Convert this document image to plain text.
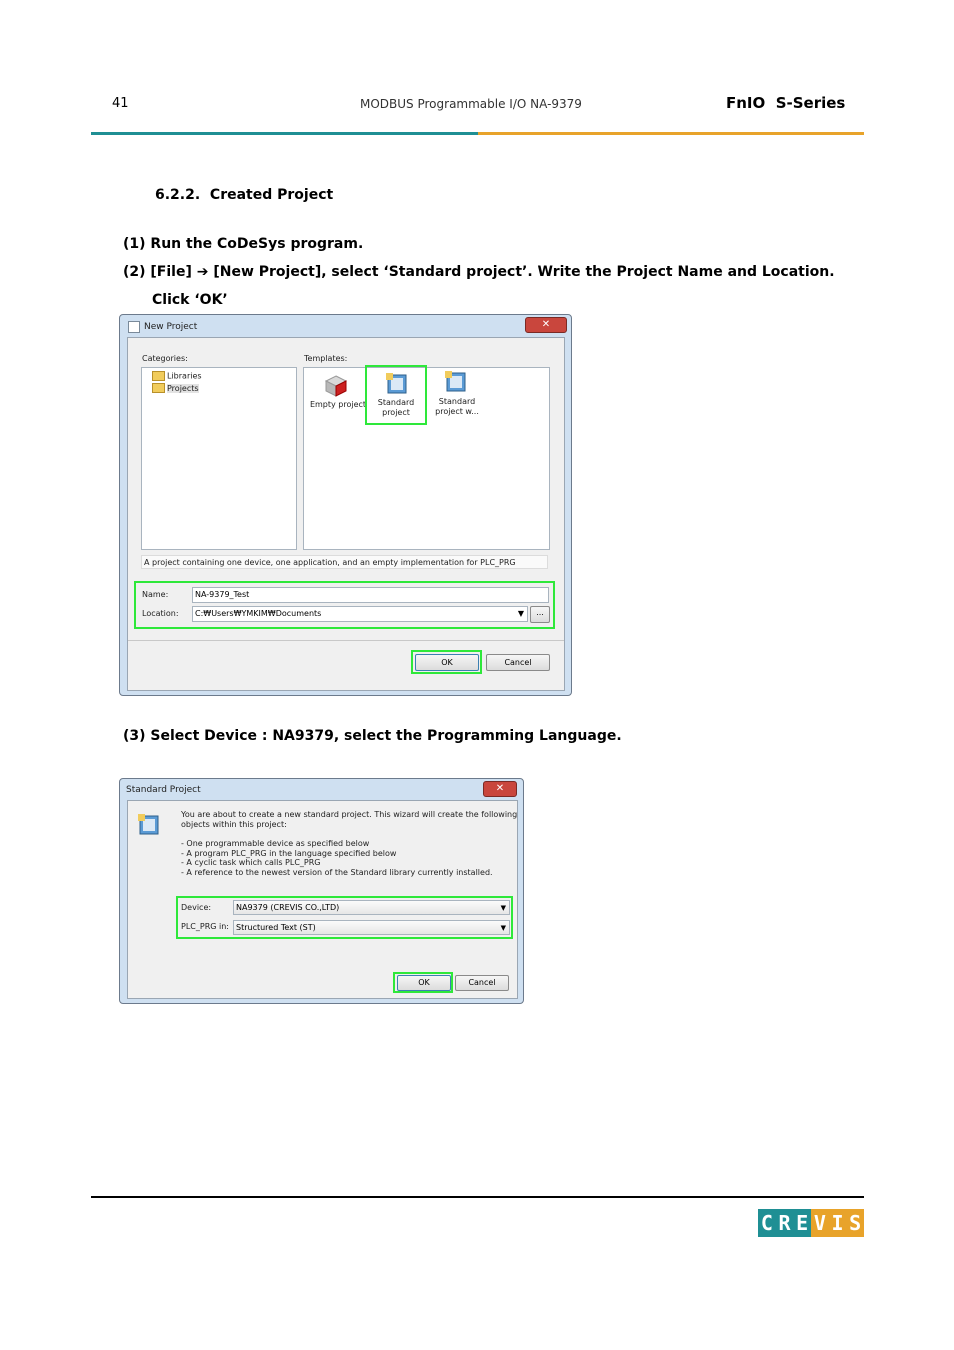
41	MODBUS Programmable I/O NA-9379	FnIO  S-Series
6.2.2.  Created Project
(1) Run the CoDeSys program.
(2) [File] ➔ [New Project], select ‘Standard project’. Write the Project Name and Location.
Click ‘OK’
New Project	✕
Categories:	Templates:
Libraries
Projects
Empty project	Standard
project
Standard
project w...
A project containing one device, one application, and an empty implementation for PLC_PRG
Name:	NA-9379_Test
Location:	C:₩Users₩YMKIM₩Documents	▼	...
OK	Cancel
(3) Select Device : NA9379, select the Programming Language.
Standard Project	✕
You are about to create a new standard project. This wizard will create the following
objects within this project:
- One programmable device as specified below
- A program PLC_PRG in the language specified below
- A cyclic task which calls PLC_PRG
- A reference to the newest version of the Standard library currently installed.
Device:	NA9379 (CREVIS CO.,LTD)	▼
PLC_PRG in: Structured Text (ST)	▼
OK	Cancel
C R E V I S
